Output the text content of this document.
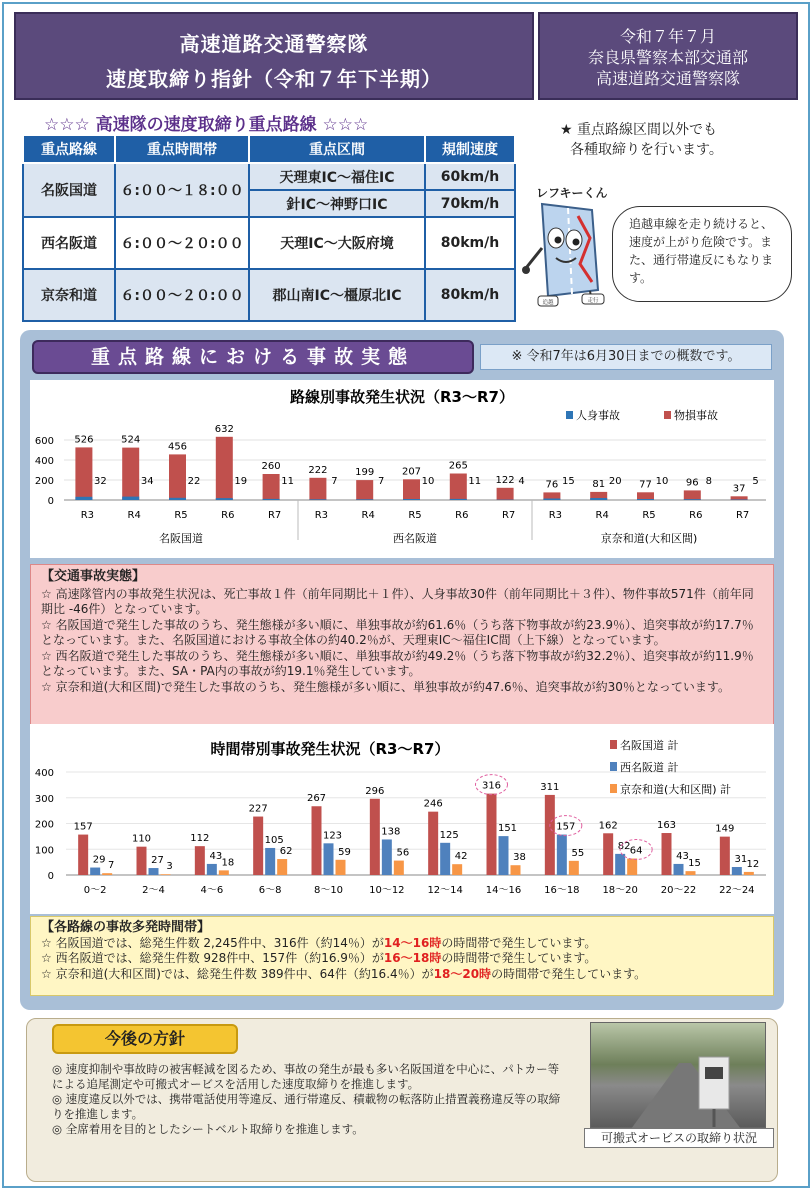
高速道路交通警察隊
速度取締り指針（令和７年下半期）
令和７年７月
奈良県警察本部交通部
高速道路交通警察隊
☆☆☆ 高速隊の速度取締り重点路線 ☆☆☆
重点路線	重点時間帯	重点区間	規制速度
名阪国道	６:００～１８:００	天理東IC～福住IC	60km/h
		針IC～神野口IC	70km/h
西名阪道	６:００～２０:００	天理IC～大阪府境	80km/h
京奈和道	６:００～２０:００	郡山南IC～橿原北IC	80km/h
★ 重点路線区間以外でも
各種取締りを行います。
レフキーくん
追越	走行
追越車線を走り続けると、速度が上がり危険です。また、通行帯違反にもなります。
重点路線における事故実態	※ 令和7年は6月30日までの概数です。
路線別事故発生状況（R3～R7）
0
200
400
600
人身事故	物損事故
名阪国道
526
32
R3
524
34
R4
456
22
R5
632
19
R6
260
11
R7
西名阪道
222
7
R3
199
7
R4
207
10
R5
265
11
R6
122 4
R7
京奈和道(大和区間)
76 15
R3
81 20
R4
77 10
R5
96 8
R6
37
5
R7
【交通事故実態】
☆ 高速隊管内の事故発生状況は、死亡事故１件（前年同期比＋１件）、人身事故30件（前年同期比＋３件）、物件事故571件（前年同期比 -46件）となっています。
☆ 名阪国道で発生した事故のうち、発生態様が多い順に、単独事故が約61.6％（うち落下物事故が約23.9％）、追突事故が約17.7％となっています。また、名阪国道における事故全体の約40.2％が、天理東IC～福住IC間（上下線）となっています。
☆ 西名阪道で発生した事故のうち、発生態様が多い順に、単独事故が約49.2％（うち落下物事故が約32.2％）、追突事故が約11.9％となっています。また、SA・PA内の事故が約19.1％発生しています。
☆ 京奈和道(大和区間)で発生した事故のうち、発生態様が多い順に、単独事故が約47.6％、追突事故が約30％となっています。
時間帯別事故発生状況（R3～R7）
0
100
200
300
400
名阪国道 計
西名阪道 計
京奈和道(大和区間) 計
157
29
7
0～2
110
27
3
2～4
112
43
18
4～6
227
105
62
6～8
267
123
59
8～10
296
138
56
10～12
246
125
42
12～14
316
151
38
14～16
311
157
55
16～18
162
82 64
18～20
163
43
15
20～22
149
31 12
22～24
【各路線の事故多発時間帯】
☆ 名阪国道では、総発生件数 2,245件中、316件（約14％）が14～16時の時間帯で発生しています。
☆ 西名阪道では、総発生件数 928件中、157件（約16.9％）が16～18時の時間帯で発生しています。
☆ 京奈和道(大和区間)では、総発生件数 389件中、64件（約16.4％）が18～20時の時間帯で発生しています。
今後の方針
◎ 速度抑制や事故時の被害軽減を図るため、事故の発生が最も多い名阪国道を中心に、パトカー等による追尾測定や可搬式オービスを活用した速度取締りを推進します。
◎ 速度違反以外では、携帯電話使用等違反、通行帯違反、積載物の転落防止措置義務違反等の取締りを推進します。
◎ 全席着用を目的としたシートベルト取締りを推進します。
可搬式オービスの取締り状況
